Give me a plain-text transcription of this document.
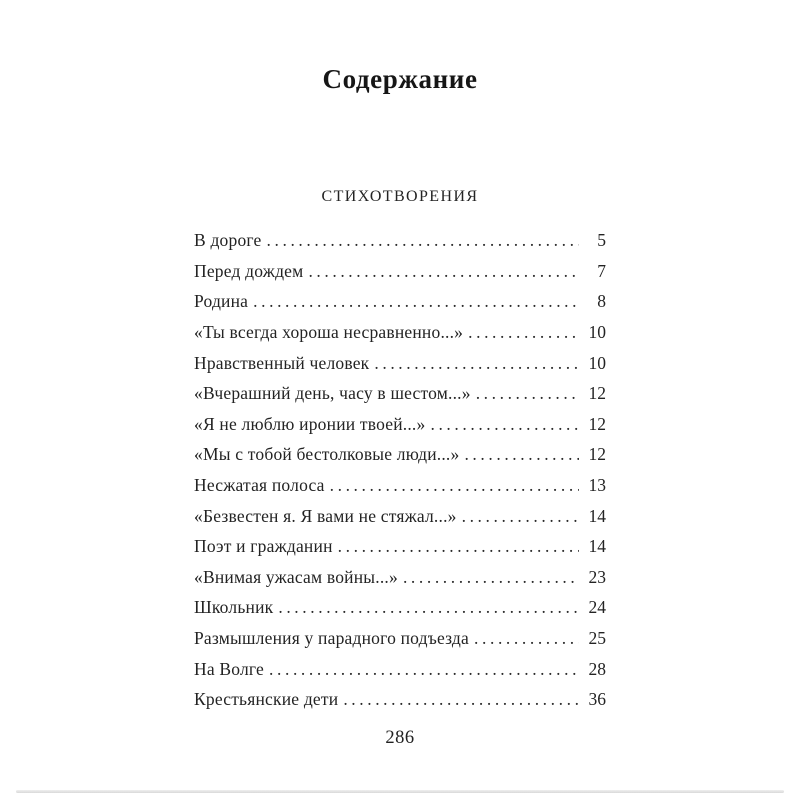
Содержание
СТИХОТВОРЕНИЯ
В дороге .....	5
Перед дождем .....	7
Родина .....	8
«Ты всегда хороша несравненно...» .....	10
Нравственный человек .....	10
«Вчерашний день, часу в шестом...» .....	12
«Я не люблю иронии твоей...» .....	12
«Мы с тобой бестолковые люди...» .....	12
Несжатая полоса .....	13
«Безвестен я. Я вами не стяжал...» .....	14
Поэт и гражданин .....	14
«Внимая ужасам войны...» .....	23
Школьник .....	24
Размышления у парадного подъезда .....	25
На Волге .....	28
Крестьянские дети .....	36
286
